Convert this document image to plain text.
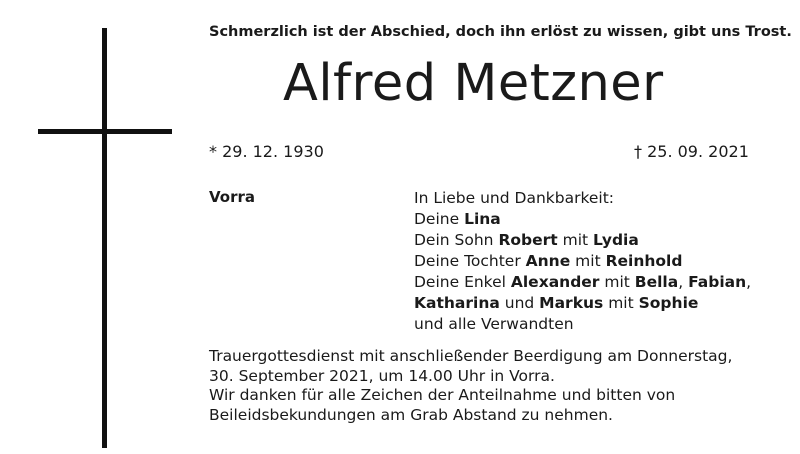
Schmerzlich ist der Abschied, doch ihn erlöst zu wissen, gibt uns Trost.
Alfred Metzner
* 29. 12. 1930	† 25. 09. 2021
Vorra	In Liebe und Dankbarkeit:
Deine Lina
Dein Sohn Robert mit Lydia
Deine Tochter Anne mit Reinhold
Deine Enkel Alexander mit Bella, Fabian,
Katharina und Markus mit Sophie
und alle Verwandten
Trauergottesdienst mit anschließender Beerdigung am Donnerstag,
30. September 2021, um 14.00 Uhr in Vorra.
Wir danken für alle Zeichen der Anteilnahme und bitten von
Beileidsbekundungen am Grab Abstand zu nehmen.
